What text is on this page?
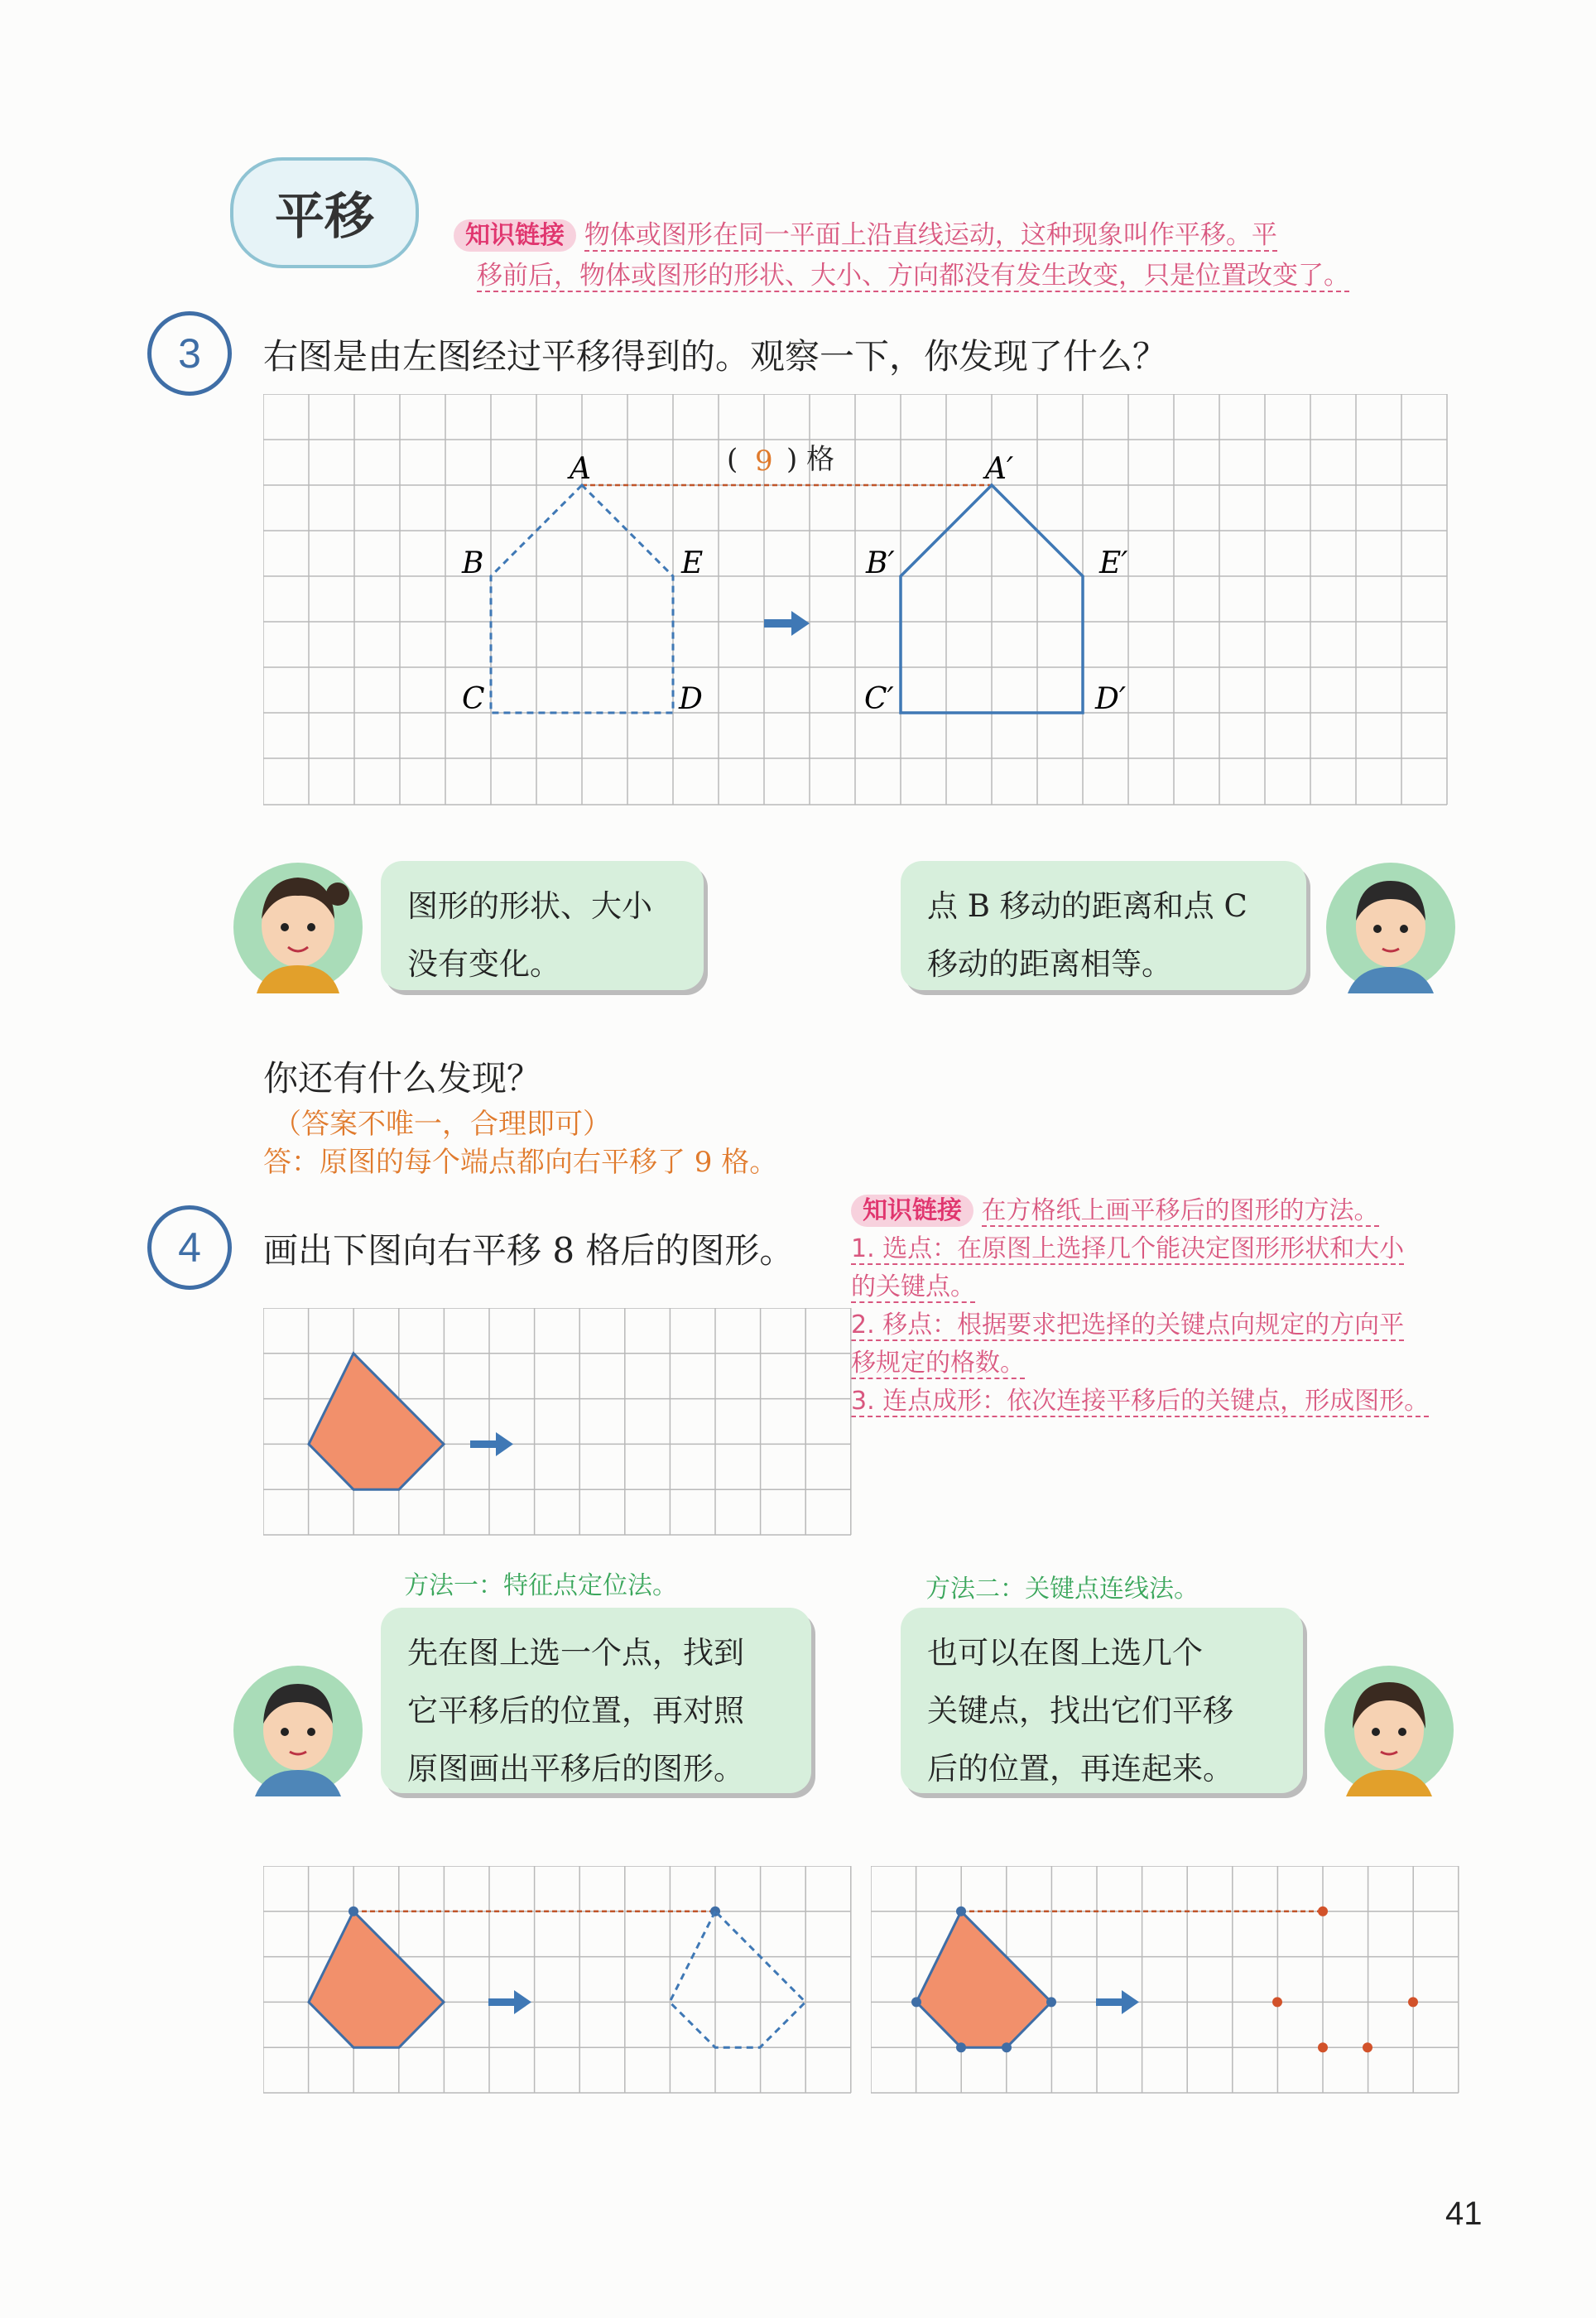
平移	知识链接 物体或图形在同一平面上沿直线运动，这种现象叫作平移。平
移前后，物体或图形的形状、大小、方向都没有发生改变，只是位置改变了。
3	右图是由左图经过平移得到的。观察一下，你发现了什么？
( 9 ) 格
A
B	E
C	D
A′
B′	E′
C′	D′
图形的形状、大小
没有变化。
点 B 移动的距离和点 C
移动的距离相等。
你还有什么发现？
（答案不唯一，合理即可）
答：原图的每个端点都向右平移了 9 格。
4	画出下图向右平移 8 格后的图形。
知识链接 在方格纸上画平移后的图形的方法。
1. 选点：在原图上选择几个能决定图形形状和大小
的关键点。
2. 移点：根据要求把选择的关键点向规定的方向平
移规定的格数。
3. 连点成形：依次连接平移后的关键点，形成图形。
方法一：特征点定位法。	方法二：关键点连线法。
先在图上选一个点，找到
它平移后的位置，再对照
原图画出平移后的图形。
也可以在图上选几个
关键点，找出它们平移
后的位置，再连起来。
41
